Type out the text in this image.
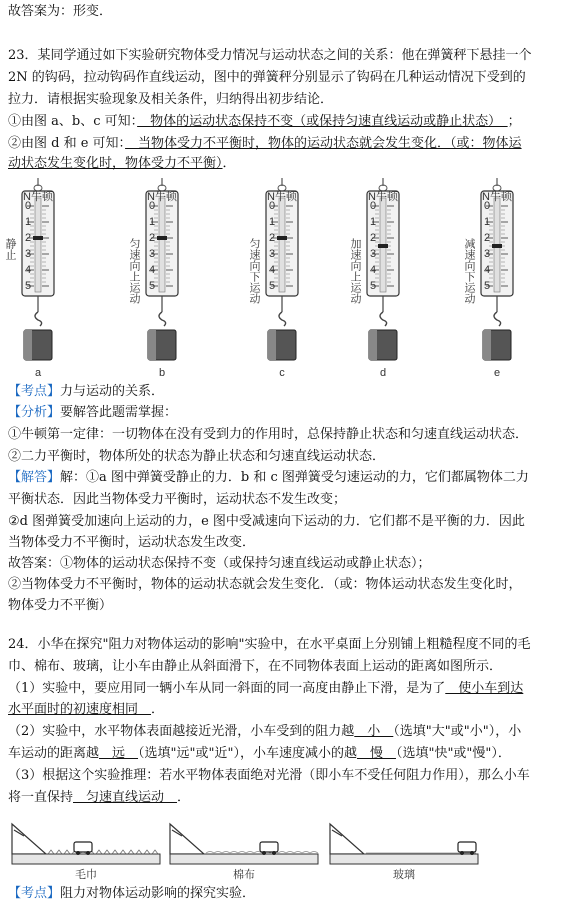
故答案为：形变．
23．某同学通过如下实验研究物体受力情况与运动状态之间的关系：他在弹簧秤下悬挂一个
2N 的钩码，拉动钩码作直线运动，图中的弹簧秤分别显示了钩码在几种运动情况下受到的
拉力．请根据实验现象及相关条件，归纳得出初步结论．
①由图 a、b、c 可知：　物体的运动状态保持不变（或保持匀速直线运动或静止状态）　；
②由图 d 和 e 可知：　当物体受力不平衡时，物体的运动状态就会发生变化．（或：物体运
动状态发生变化时，物体受力不平衡）．
N牛顿
0
1
2
3
4
5
a
静止
N牛顿
0
1
2
3
4
5
b
匀速向上运动
N牛顿
0
1
2
3
4
5
c
匀速向下运动
N牛顿
0
1
2
3
4
5
d
加速向上运动
N牛顿
0
1
2
3
4
5
e
减速向下运动
【考点】力与运动的关系．
【分析】要解答此题需掌握：
①牛顿第一定律：一切物体在没有受到力的作用时，总保持静止状态和匀速直线运动状态．
②二力平衡时，物体所处的状态为静止状态和匀速直线运动状态．
【解答】解：①a 图中弹簧受静止的力．b 和 c 图弹簧受匀速运动的力，它们都属物体二力
平衡状态．因此当物体受力平衡时，运动状态不发生改变；
②d 图弹簧受加速向上运动的力，e 图中受减速向下运动的力．它们都不是平衡的力．因此
当物体受力不平衡时，运动状态发生改变．
故答案：①物体的运动状态保持不变（或保持匀速直线运动或静止状态）；
②当物体受力不平衡时，物体的运动状态就会发生变化．（或：物体运动状态发生变化时，
物体受力不平衡）
24．小华在探究"阻力对物体运动的影响"实验中，在水平桌面上分别铺上粗糙程度不同的毛
巾、棉布、玻璃，让小车由静止从斜面滑下，在不同物体表面上运动的距离如图所示．
（1）实验中，要应用同一辆小车从同一斜面的同一高度由静止下滑，是为了　使小车到达
水平面时的初速度相同　．
（2）实验中，水平物体表面越接近光滑，小车受到的阻力越　小　（选填"大"或"小"），小
车运动的距离越　远　（选填"远"或"近"），小车速度减小的越　慢　（选填"快"或"慢"）．
（3）根据这个实验推理：若水平物体表面绝对光滑（即小车不受任何阻力作用），那么小车
将一直保持　匀速直线运动　．
毛巾	棉布	玻璃
【考点】阻力对物体运动影响的探究实验．
